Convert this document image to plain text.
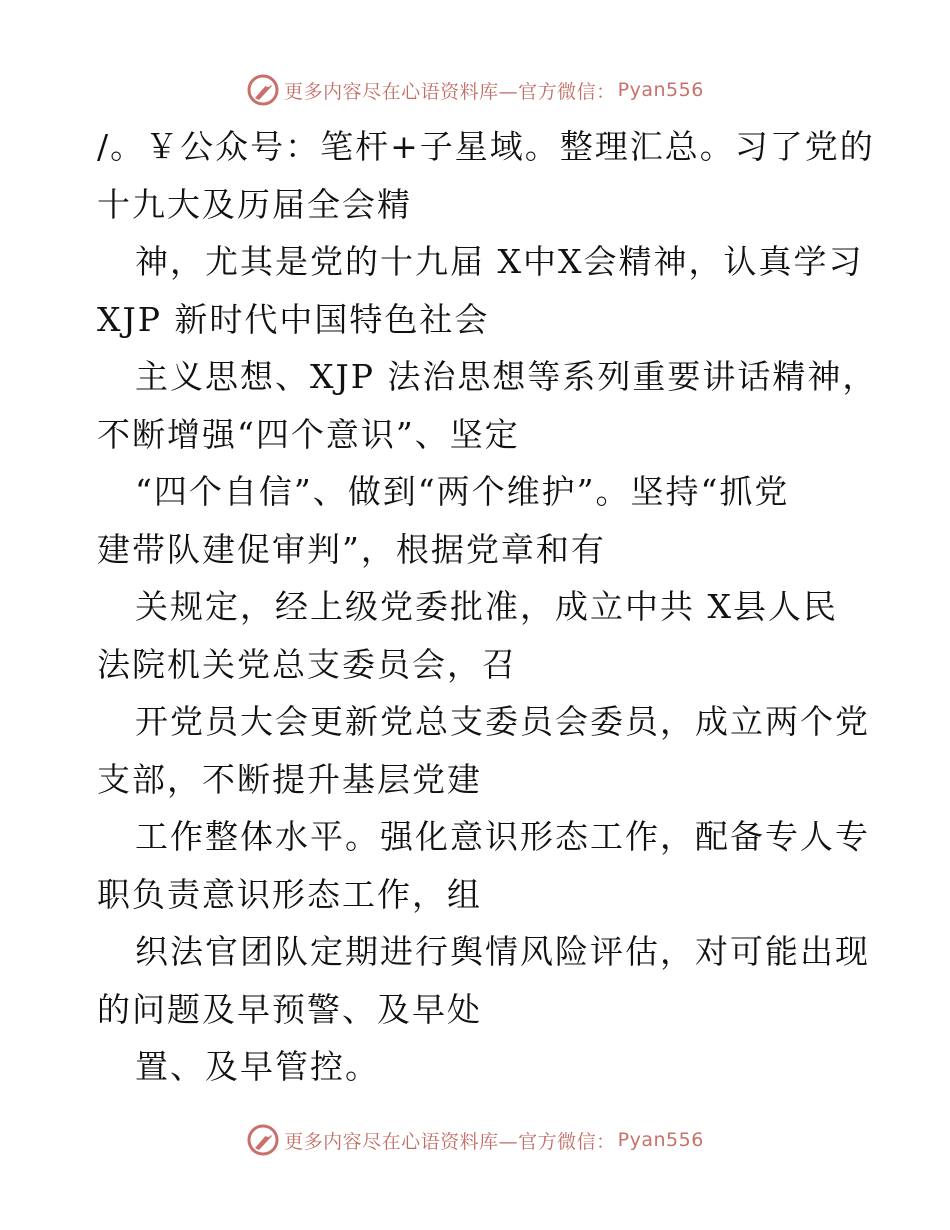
更多内容尽在心语资料库—官方微信： Pyan556
/。￥公众号：笔杆+子星域。整理汇总。习了党的
十九大及历届全会精
神，尤其是党的十九届 X中X会精神，认真学习
XJP 新时代中国特色社会
主义思想、XJP 法治思想等系列重要讲话精神，
不断增强“四个意识”、坚定
“四个自信”、做到“两个维护”。坚持“抓党
建带队建促审判”，根据党章和有
关规定，经上级党委批准，成立中共 X县人民
法院机关党总支委员会，召
开党员大会更新党总支委员会委员，成立两个党
支部，不断提升基层党建
工作整体水平。强化意识形态工作，配备专人专
职负责意识形态工作，组
织法官团队定期进行舆情风险评估，对可能出现
的问题及早预警、及早处
置、及早管控。
更多内容尽在心语资料库—官方微信： Pyan556
